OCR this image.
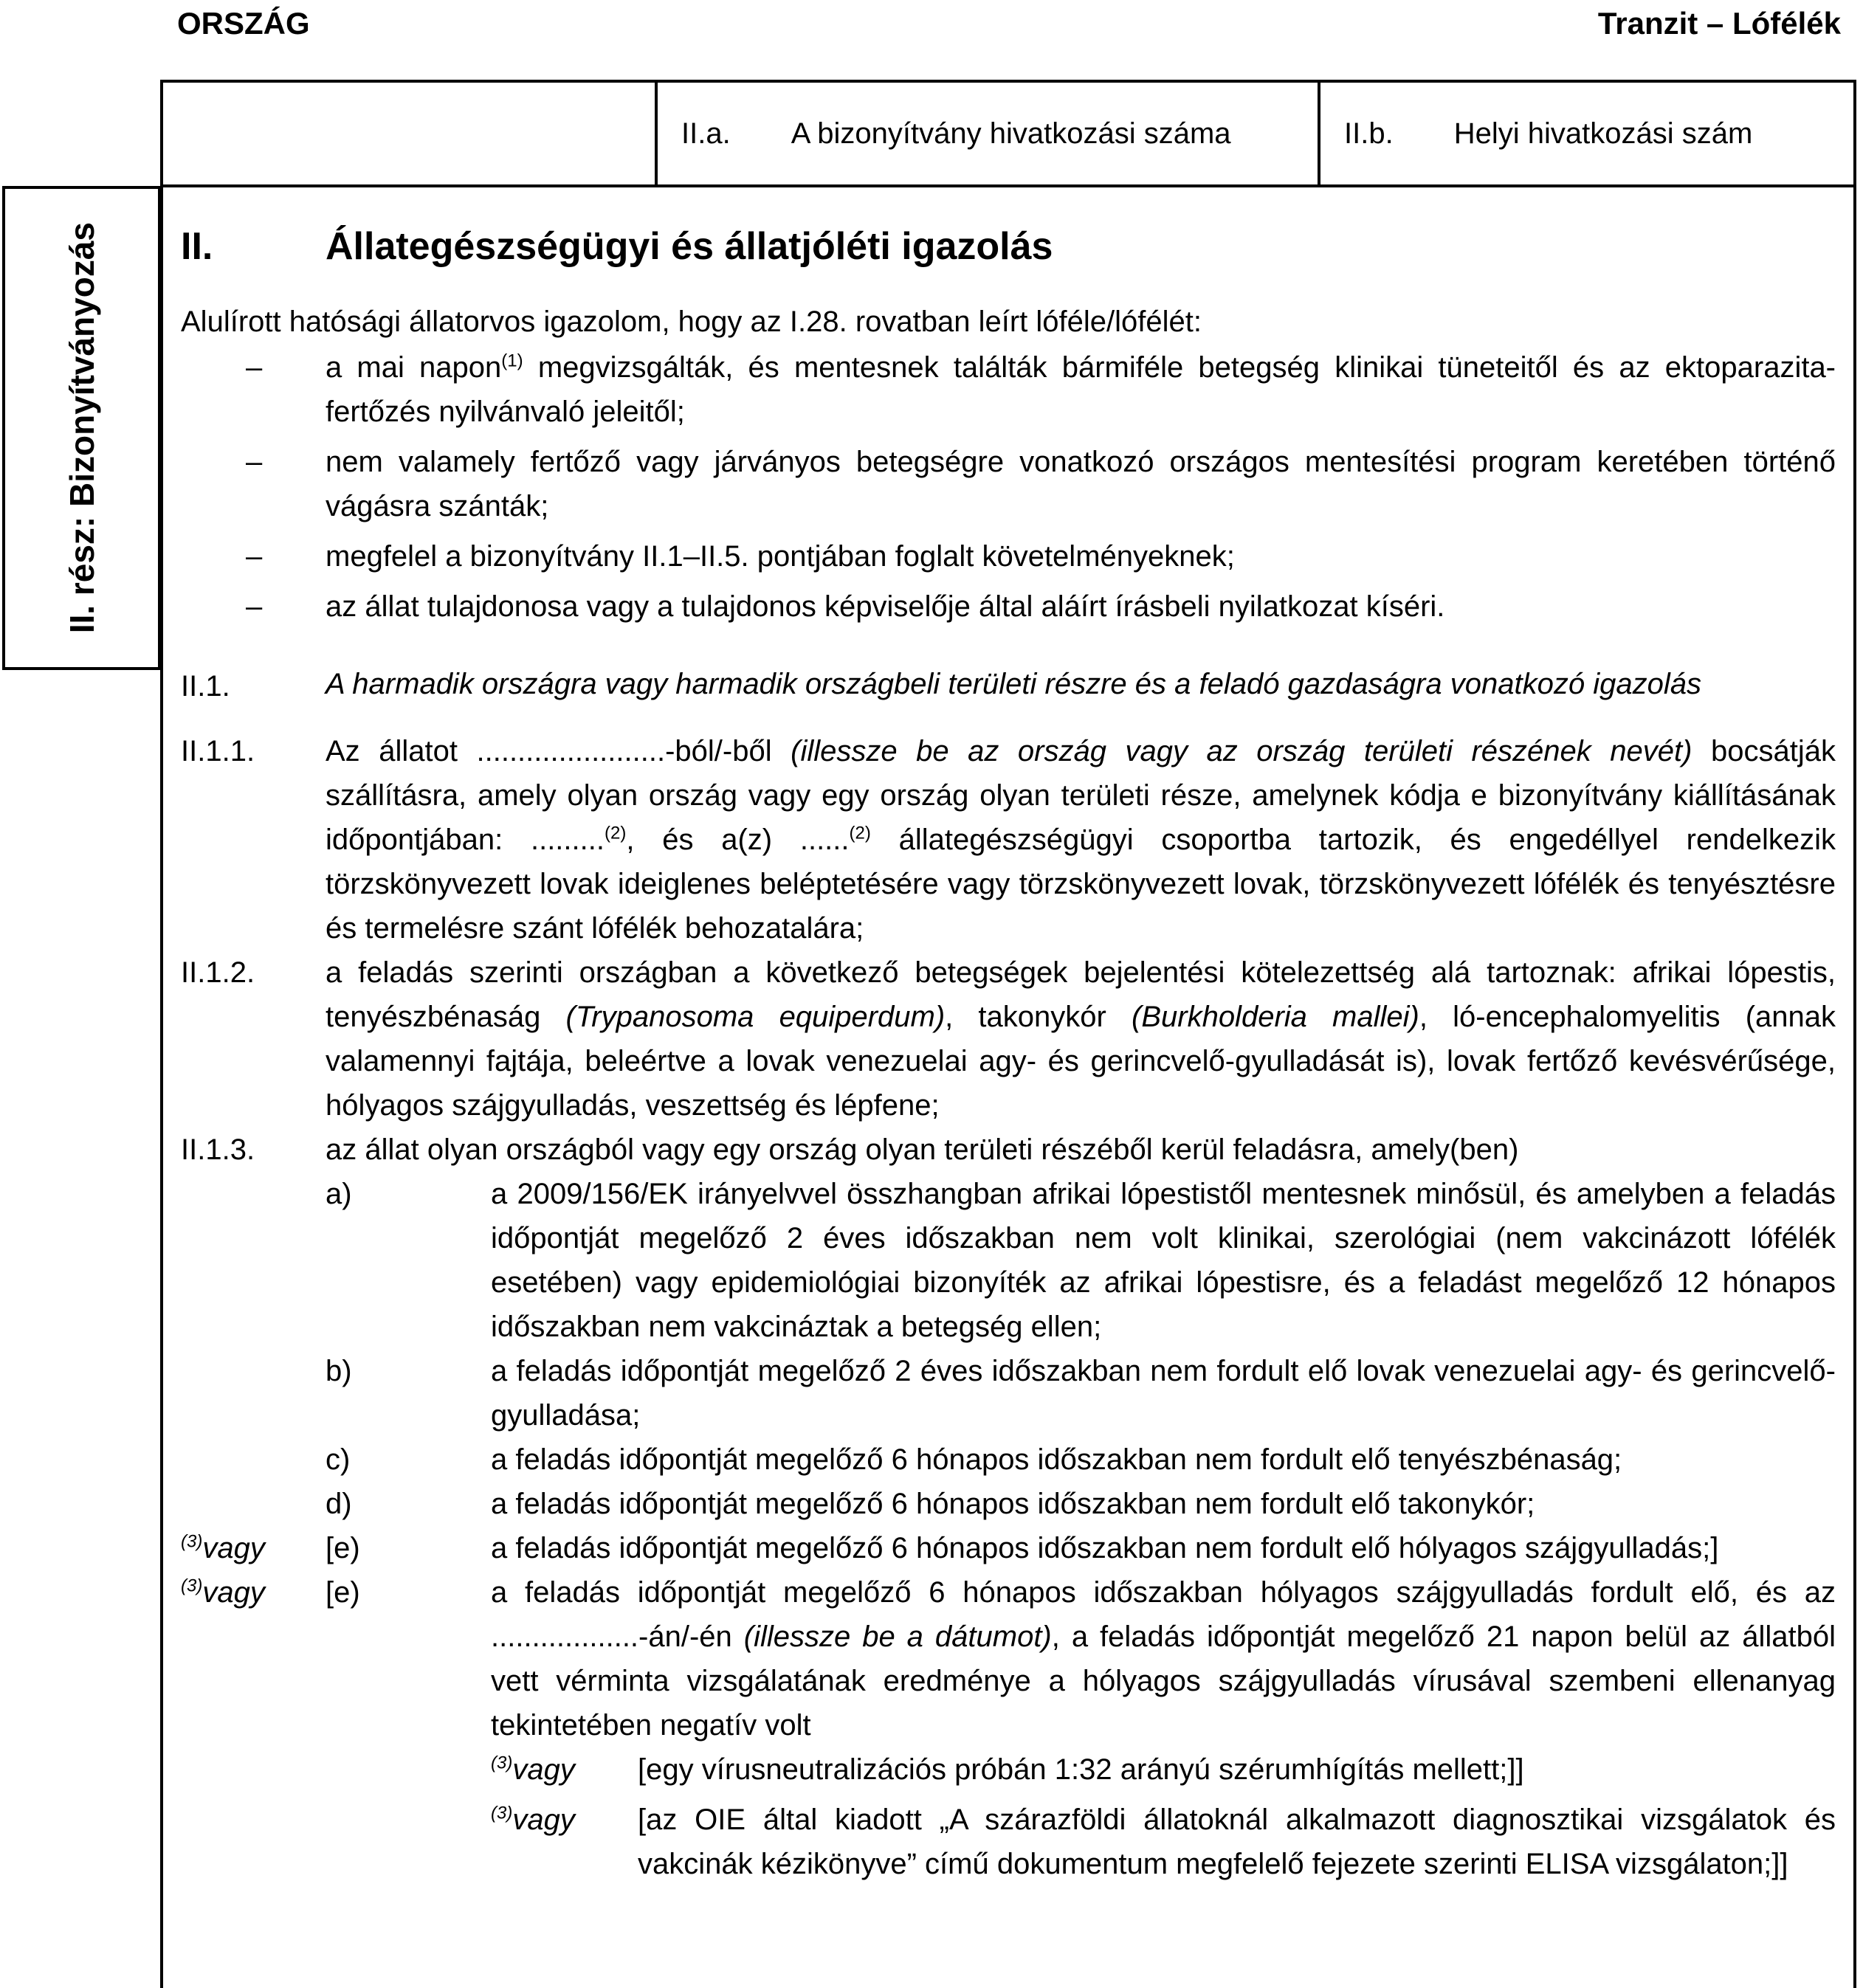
ORSZÁG	Tranzit – Lófélék
II. rész: Bizonyítványozás
II.a. A bizonyítvány hivatkozási száma	II.b. Helyi hivatkozási szám
II.	Állategészségügyi és állatjóléti igazolás
Alulírott hatósági állatorvos igazolom, hogy az I.28. rovatban leírt lóféle/lófélét:
–	a mai napon$^{(1)}$ megvizsgálták, és mentesnek találták bármiféle betegség klinikai tüneteitől és az ektoparazita-fertőzés nyilvánvaló jeleitől;
–	nem valamely fertőző vagy járványos betegségre vonatkozó országos mentesítési program keretében történő vágásra szánták;
–	megfelel a bizonyítvány II.1–II.5. pontjában foglalt követelményeknek;
–	az állat tulajdonosa vagy a tulajdonos képviselője által aláírt írásbeli nyilatkozat kíséri.
II.1.	A harmadik országra vagy harmadik országbeli területi részre és a feladó gazdaságra vonatkozó igazolás
II.1.1.	Az állatot .......................-ból/-ből (illessze be az ország vagy az ország területi részének nevét) bocsátják szállításra, amely olyan ország vagy egy ország olyan területi része, amelynek kódja e bizonyítvány kiállításának időpontjában: .........$^{(2)}$, és a(z) ......$^{(2)}$ állategészségügyi csoportba tartozik, és engedéllyel rendelkezik törzskönyvezett lovak ideiglenes beléptetésére vagy törzskönyvezett lovak, törzskönyvezett lófélék és tenyésztésre és termelésre szánt lófélék behozatalára;
II.1.2.	a feladás szerinti országban a következő betegségek bejelentési kötelezettség alá tartoznak: afrikai lópestis, tenyészbénaság (Trypanosoma equiperdum), takonykór (Burkholderia mallei), ló-encephalomyelitis (annak valamennyi fajtája, beleértve a lovak venezuelai agy- és gerincvelő-gyulladását is), lovak fertőző kevésvérűsége, hólyagos szájgyulladás, veszettség és lépfene;
II.1.3.	az állat olyan országból vagy egy ország olyan területi részéből kerül feladásra, amely(ben)
a)	a 2009/156/EK irányelvvel összhangban afrikai lópestistől mentesnek minősül, és amelyben a feladás időpontját megelőző 2 éves időszakban nem volt klinikai, szerológiai (nem vakcinázott lófélék esetében) vagy epidemiológiai bizonyíték az afrikai lópestisre, és a feladást megelőző 12 hónapos időszakban nem vakcináztak a betegség ellen;
b)	a feladás időpontját megelőző 2 éves időszakban nem fordult elő lovak venezuelai agy- és gerincvelő-gyulladása;
c)	a feladás időpontját megelőző 6 hónapos időszakban nem fordult elő tenyészbénaság;
d)	a feladás időpontját megelőző 6 hónapos időszakban nem fordult elő takonykór;
$^{(3)}$vagy	[e)	a feladás időpontját megelőző 6 hónapos időszakban nem fordult elő hólyagos szájgyulladás;]
$^{(3)}$vagy	[e)	a feladás időpontját megelőző 6 hónapos időszakban hólyagos szájgyulladás fordult elő, és az ..................-án/-én (illessze be a dátumot), a feladás időpontját megelőző 21 napon belül az állatból vett vérminta vizsgálatának eredménye a hólyagos szájgyulladás vírusával szembeni ellenanyag tekintetében negatív volt
$^{(3)}$vagy	[egy vírusneutralizációs próbán 1:32 arányú szérumhígítás mellett;]]
$^{(3)}$vagy	[az OIE által kiadott „A szárazföldi állatoknál alkalmazott diagnosztikai vizsgálatok és vakcinák kézikönyve” című dokumentum megfelelő fejezete szerinti ELISA vizsgálaton;]]
